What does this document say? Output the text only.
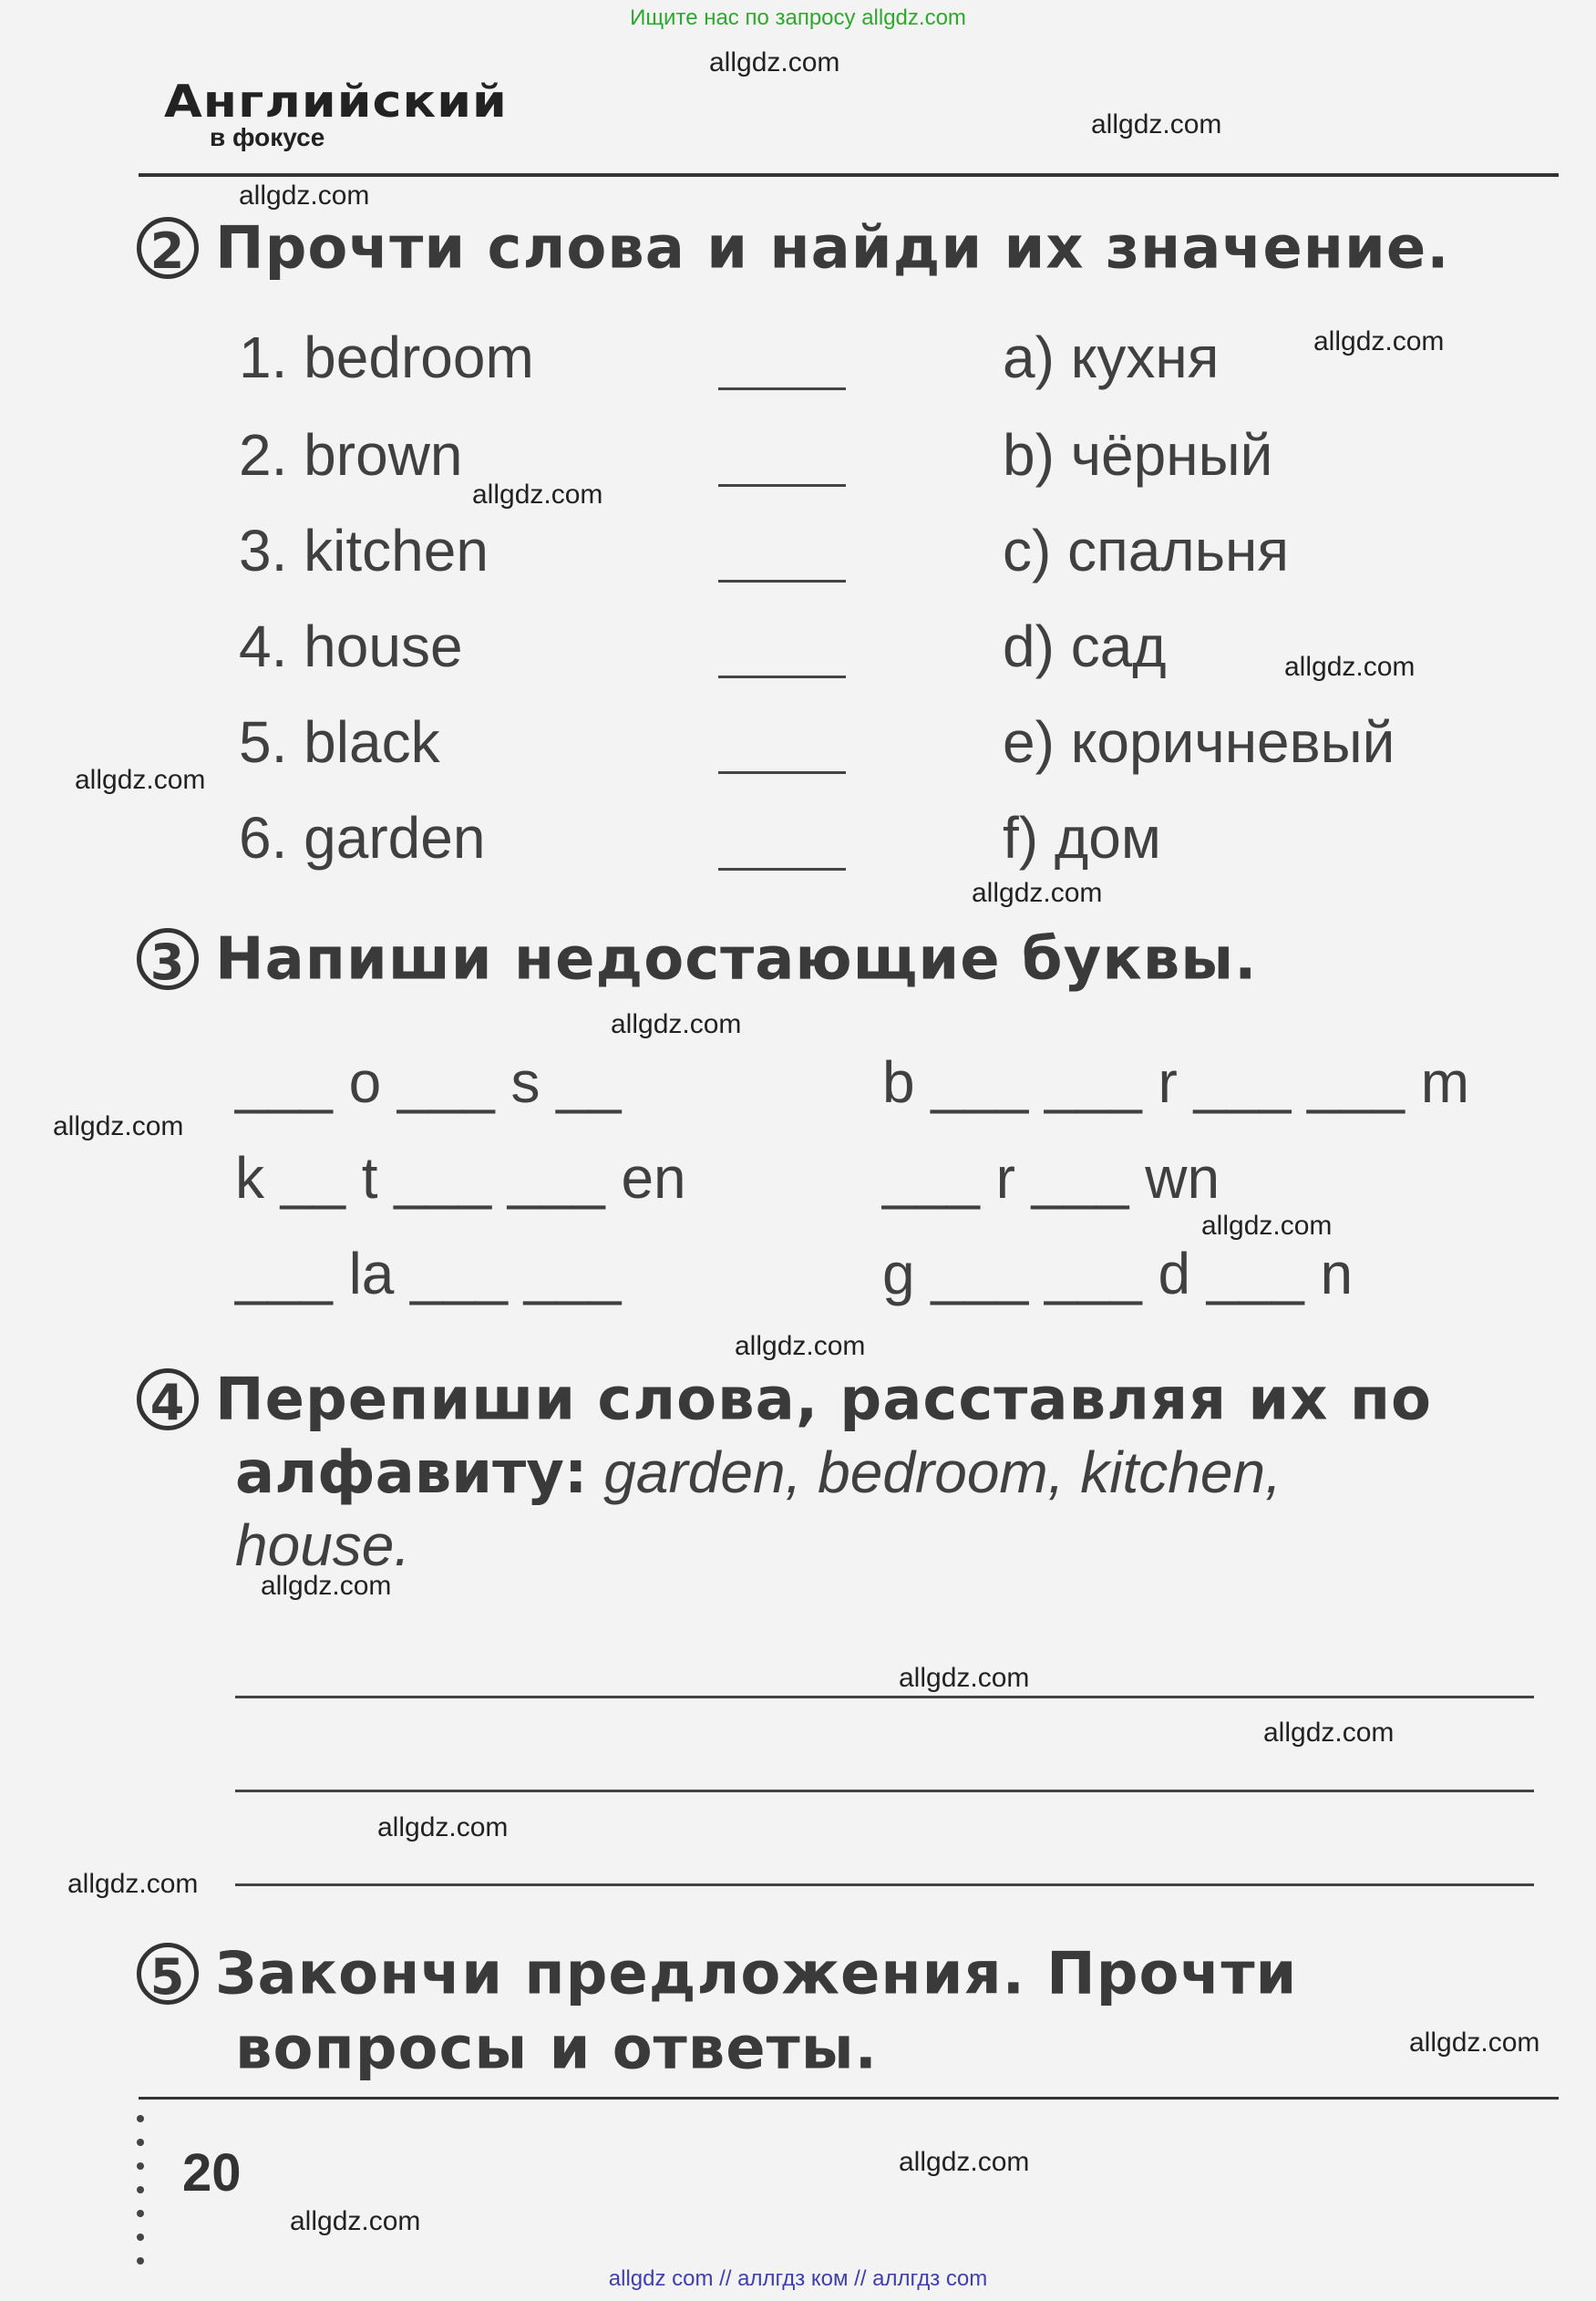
Ищите нас по запросу allgdz.com
Английский
в фокусе
2 Прочти слова и найди их значение.
1. bedroom
2. brown
3. kitchen
4. house
5. black
6. garden
a) кухня
b) чёрный
c) спальня
d) сад
e) коричневый
f) дом
3 Напиши недостающие буквы.
___ o ___ s __
k __ t ___ ___ en
___ la ___ ___
b ___ ___ r ___ ___ m
___ r ___ wn
g ___ ___ d ___ n
4 Перепиши слова, расставляя их по
алфавиту: garden, bedroom, kitchen,
house.
5 Закончи предложения. Прочти
вопросы и ответы.
20
allgdz.com
allgdz.com
allgdz.com
allgdz.com
allgdz.com
allgdz.com
allgdz.com
allgdz.com
allgdz.com
allgdz.com
allgdz.com
allgdz.com
allgdz.com
allgdz.com
allgdz.com
allgdz.com
allgdz.com
allgdz.com
allgdz.com
allgdz.com
allgdz com // аллгдз ком // аллгдз com
